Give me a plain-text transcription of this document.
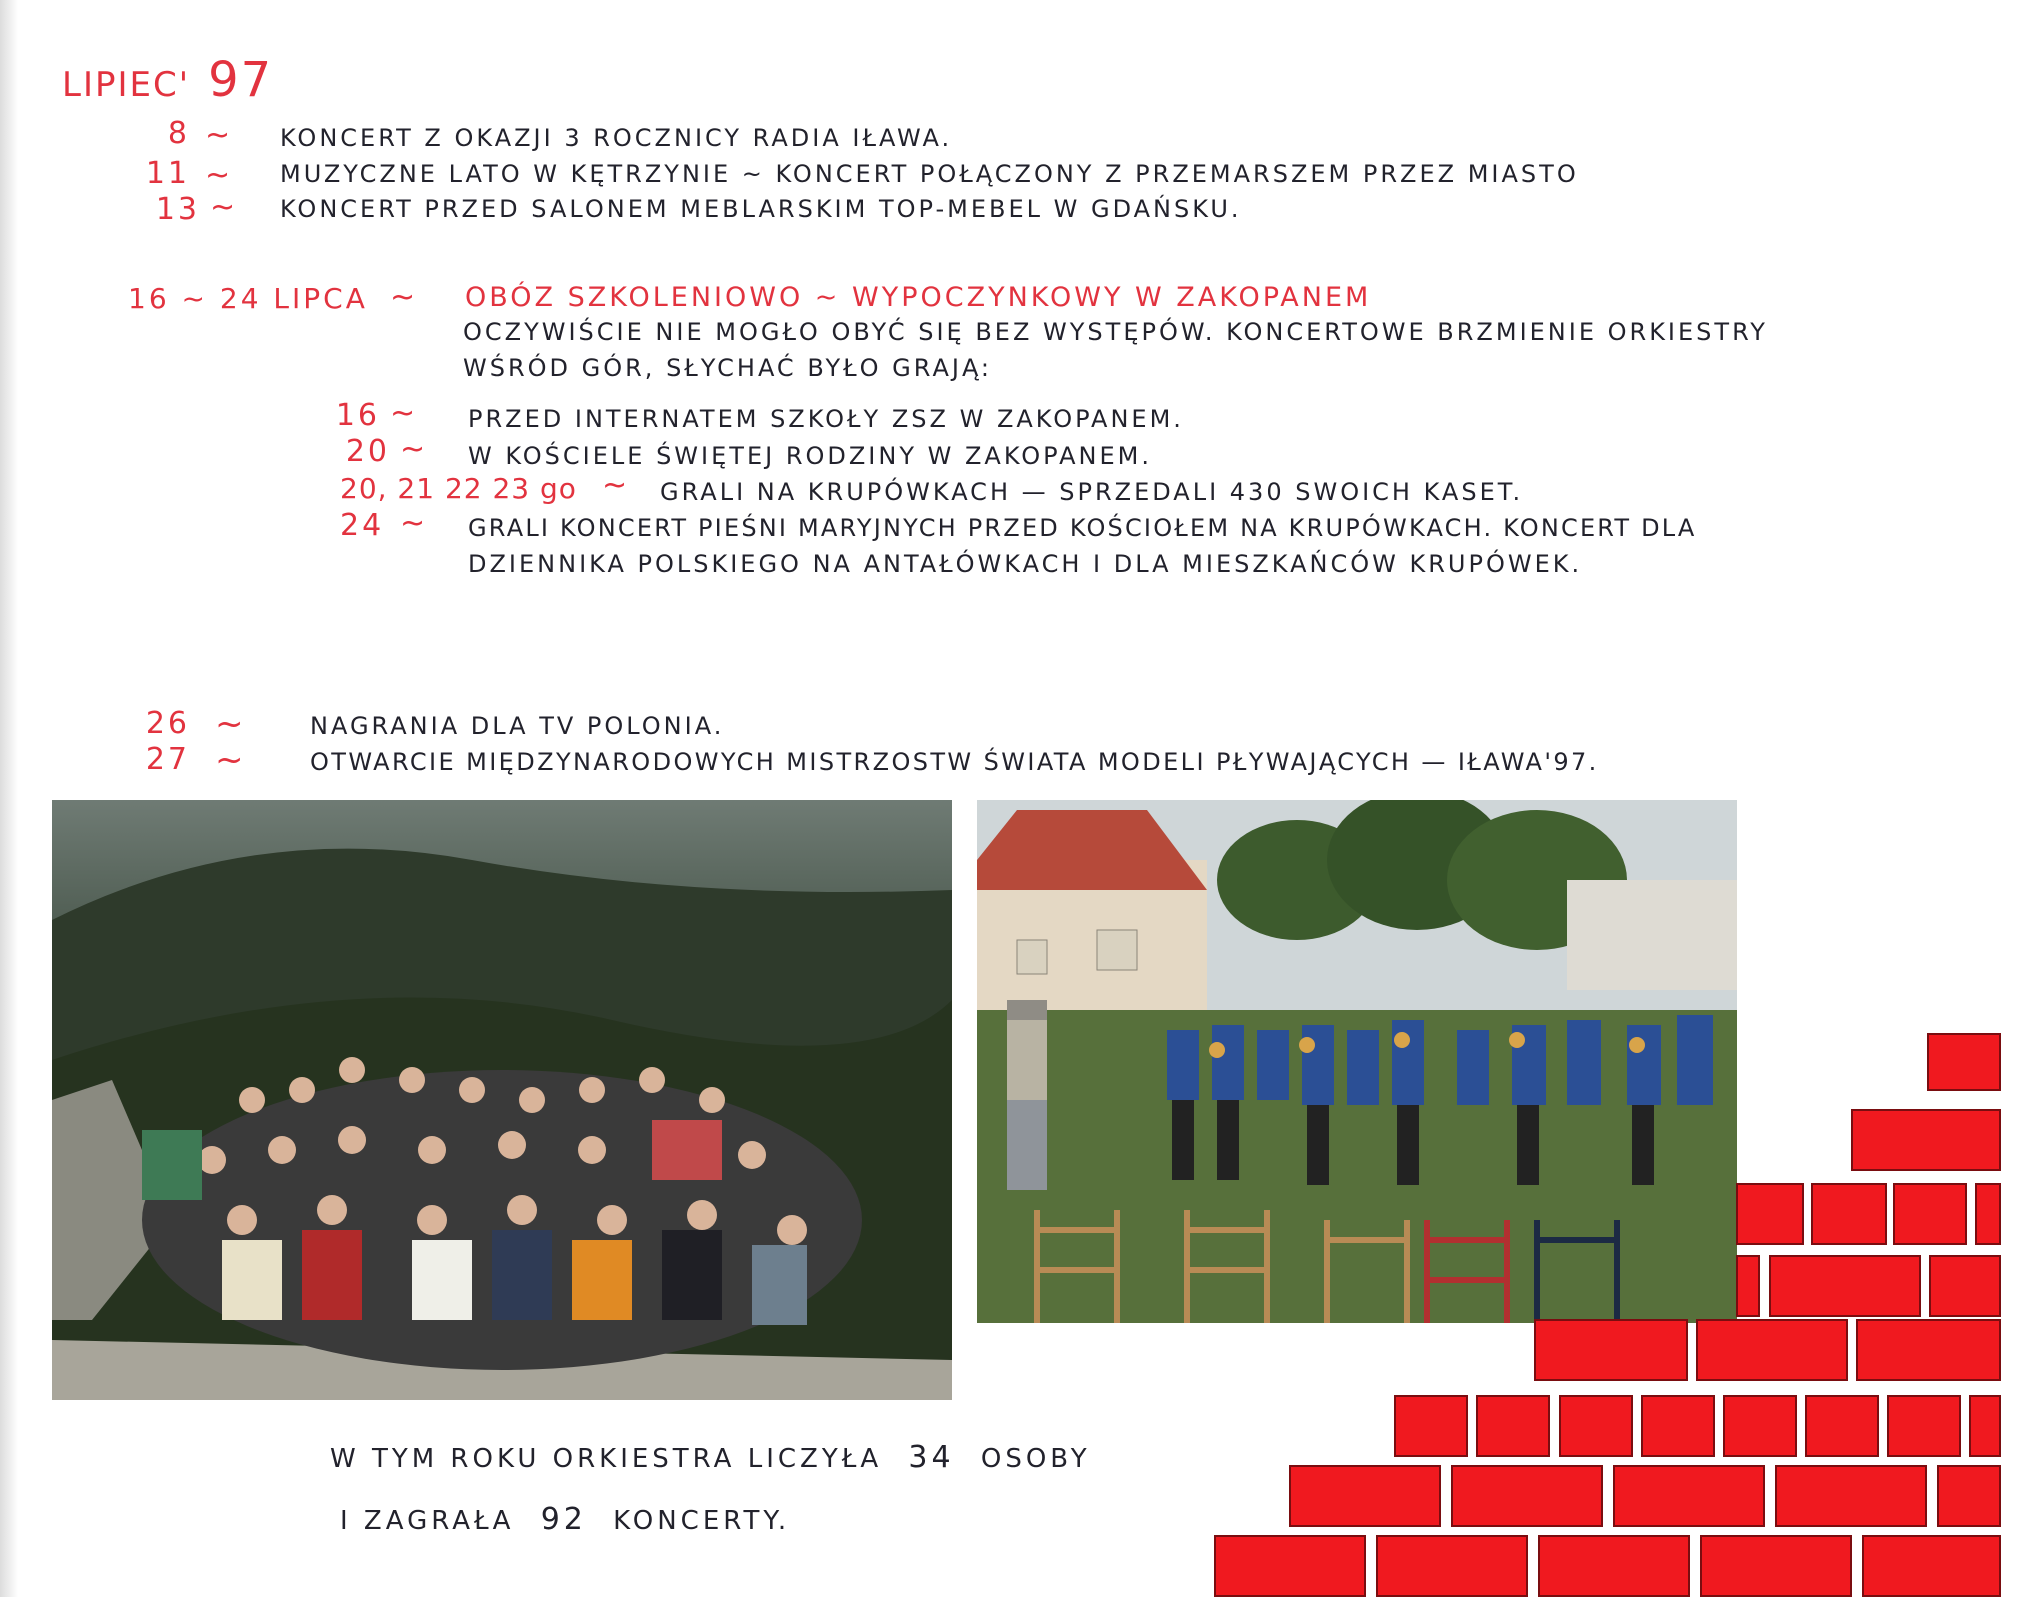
LIPIEC' 97
8 ~ KONCERT Z OKAZJI 3 ROCZNICY RADIA IŁAWA.
11 ~ MUZYCZNE LATO W KĘTRZYNIE ~ KONCERT POŁĄCZONY Z PRZEMARSZEM PRZEZ MIASTO
13 ~ KONCERT PRZED SALONEM MEBLARSKIM TOP-MEBEL W GDAŃSKU.
16 ~ 24 LIPCA ~ OBÓZ SZKOLENIOWO ~ WYPOCZYNKOWY W ZAKOPANEM
OCZYWIŚCIE NIE MOGŁO OBYĆ SIĘ BEZ WYSTĘPÓW. KONCERTOWE BRZMIENIE ORKIESTRY
WŚRÓD GÓR, SŁYCHAĆ BYŁO GRAJĄ:
16 ~ PRZED INTERNATEM SZKOŁY ZSZ W ZAKOPANEM.
20 ~ W KOŚCIELE ŚWIĘTEJ RODZINY W ZAKOPANEM.
20, 21 22 23 go ~ GRALI NA KRUPÓWKACH — SPRZEDALI 430 SWOICH KASET.
24 ~ GRALI KONCERT PIEŚNI MARYJNYCH PRZED KOŚCIOŁEM NA KRUPÓWKACH. KONCERT DLA
DZIENNIKA POLSKIEGO NA ANTAŁÓWKACH I DLA MIESZKAŃCÓW KRUPÓWEK.
26 ~	NAGRANIA DLA TV POLONIA.
27 ~	OTWARCIE MIĘDZYNARODOWYCH MISTRZOSTW ŚWIATA MODELI PŁYWAJĄCYCH — IŁAWA'97.
W TYM ROKU ORKIESTRA LICZYŁA 34 OSOBY
I ZAGRAŁA 92 KONCERTY.
